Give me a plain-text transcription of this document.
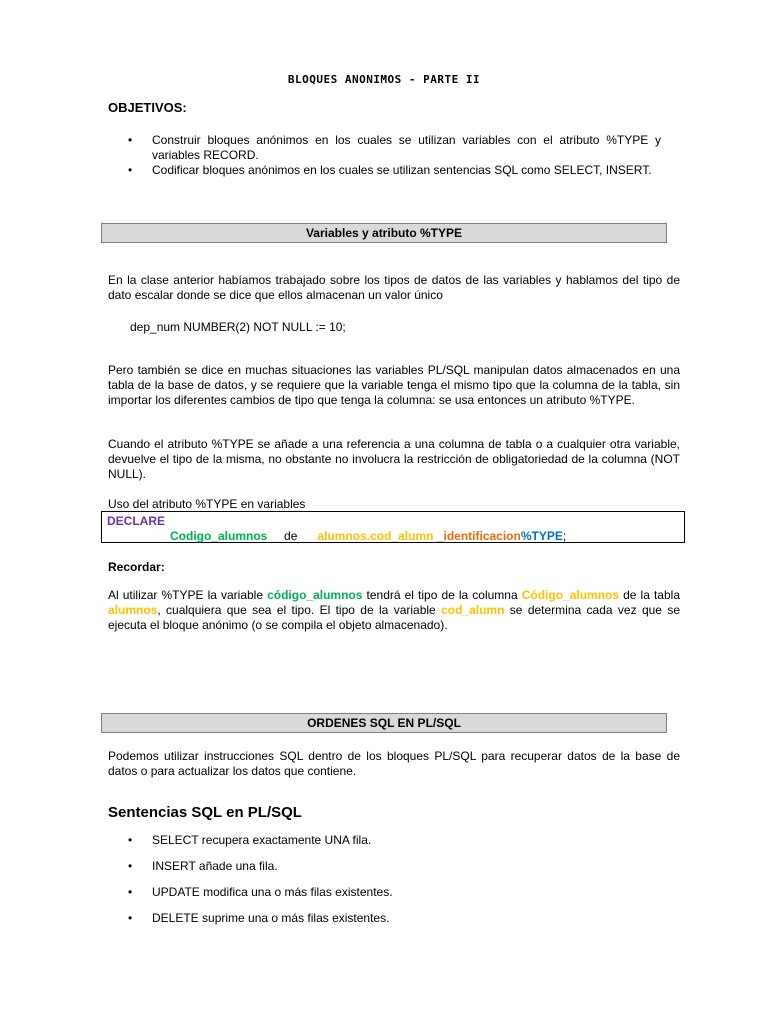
BLOQUES ANONIMOS - PARTE II
OBJETIVOS:
• Construir bloques anónimos en los cuales se utilizan variables con el atributo %TYPE y variables RECORD.
• Codificar bloques anónimos en los cuales se utilizan sentencias SQL como SELECT, INSERT.
Variables y atributo %TYPE
En la clase anterior habíamos trabajado sobre los tipos de datos de las variables y hablamos del tipo de dato escalar donde se dice que ellos almacenan un valor único
dep_num NUMBER(2) NOT NULL := 10;
Pero también se dice en muchas situaciones las variables PL/SQL manipulan datos almacenados en una tabla de la base de datos, y se requiere que la variable tenga el mismo tipo que la columna de la tabla, sin importar los diferentes cambios de tipo que tenga la columna: se usa entonces un atributo %TYPE.
Cuando el atributo %TYPE se añade a una referencia a una columna de tabla o a cualquier otra variable, devuelve el tipo de la misma, no obstante no involucra la restricción de obligatoriedad de la columna (NOT NULL).
Uso del atributo %TYPE en variables
DECLARE
Codigo_alumnos de alumnos.cod_alumn _identificacion%TYPE;
Recordar:
Al utilizar %TYPE la variable código_alumnos tendrá el tipo de la columna Código_alumnos de la tabla alumnos, cualquiera que sea el tipo. El tipo de la variable cod_alumn se determina cada vez que se ejecuta el bloque anónimo (o se compila el objeto almacenado).
ORDENES SQL EN PL/SQL
Podemos utilizar instrucciones SQL dentro de los bloques PL/SQL para recuperar datos de la base de datos o para actualizar los datos que contiene.
Sentencias SQL en PL/SQL
• SELECT recupera exactamente UNA fila.
• INSERT añade una fila.
• UPDATE modifica una o más filas existentes.
• DELETE suprime una o más filas existentes.
